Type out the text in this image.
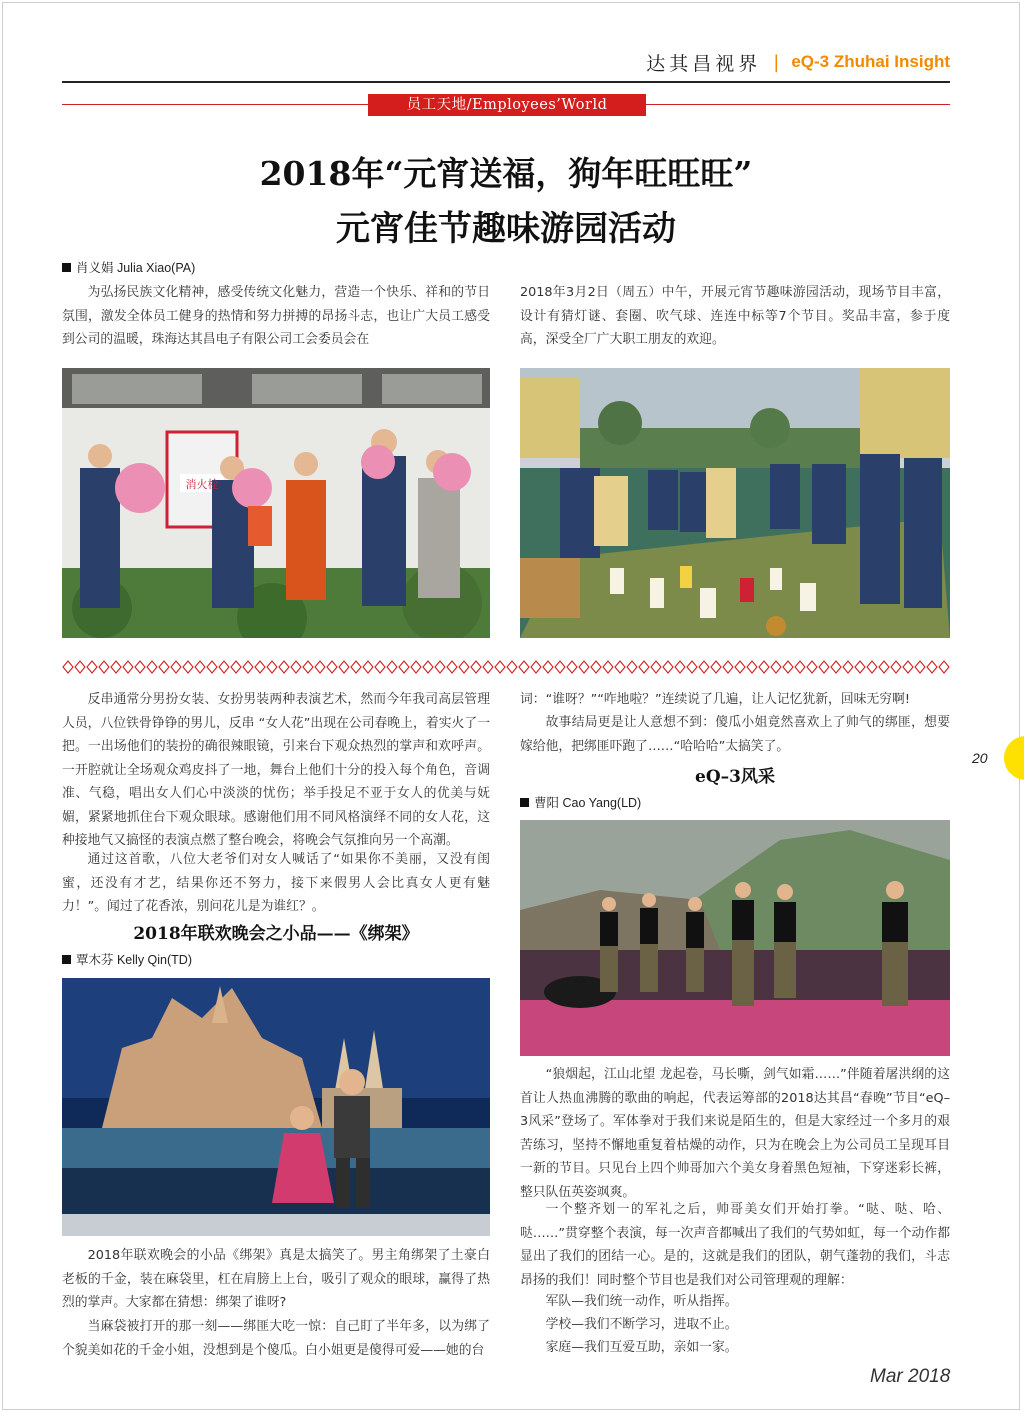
达其昌视界 | eQ-3 Zhuhai Insight
员工天地/Employees’World
2018年“元宵送福，狗年旺旺旺”
元宵佳节趣味游园活动
肖义娟 Julia Xiao(PA)

为弘扬民族文化精神，感受传统文化魅力，营造一个快乐、祥和的节日氛围，激发全体员工健身的热情和努力拼搏的昂扬斗志，也让广大员工感受到公司的温暖，珠海达其昌电子有限公司工会委员会在

2018年3月2日（周五）中午，开展元宵节趣味游园活动，现场节目丰富，设计有猜灯谜、套圈、吹气球、连连中标等7个节目。奖品丰富，参于度高，深受全厂广大职工朋友的欢迎。

消火栓

反串通常分男扮女装、女扮男装两种表演艺术，然而今年我司高层管理人员，八位铁骨铮铮的男儿，反串 “女人花”出现在公司春晚上，着实火了一把。一出场他们的装扮的确很辣眼镜，引来台下观众热烈的掌声和欢呼声。一开腔就让全场观众鸡皮抖了一地，舞台上他们十分的投入每个角色，音调准、气稳，唱出女人们心中淡淡的忧伤；举手投足不亚于女人的优美与妩媚，紧紧地抓住台下观众眼球。感谢他们用不同风格演绎不同的女人花，这种接地气又搞怪的表演点燃了整台晚会，将晚会气氛推向另一个高潮。

通过这首歌，八位大老爷们对女人喊话了“如果你不美丽，又没有闺蜜，还没有才艺，结果你还不努力，接下来假男人会比真女人更有魅力！”。闻过了花香浓，别问花儿是为谁红？。

2018年联欢晚会之小品——《绑架》
覃木芬 Kelly Qin(TD)

2018年联欢晚会的小品《绑架》真是太搞笑了。男主角绑架了土豪白老板的千金，装在麻袋里，杠在肩膀上上台，吸引了观众的眼球，赢得了热烈的掌声。大家都在猜想：绑架了谁呀?

当麻袋被打开的那一刻——绑匪大吃一惊：自己盯了半年多，以为绑了个貌美如花的千金小姐，没想到是个傻瓜。白小姐更是傻得可爱——她的台

词：“谁呀？”“咋地啦？”连续说了几遍，让人记忆犹新，回味无穷啊!

故事结局更是让人意想不到：傻瓜小姐竟然喜欢上了帅气的绑匪，想要嫁给他，把绑匪吓跑了……“哈哈哈”太搞笑了。

eQ–3风采
曹阳 Cao Yang(LD)

“狼烟起，江山北望 龙起卷，马长嘶，剑气如霜……”伴随着屠洪纲的这首让人热血沸腾的歌曲的响起，代表运筹部的2018达其昌“春晚”节目“eQ–3风采”登场了。军体拳对于我们来说是陌生的，但是大家经过一个多月的艰苦练习，坚持不懈地重复着枯燥的动作，只为在晚会上为公司员工呈现耳目一新的节目。只见台上四个帅哥加六个美女身着黑色短袖，下穿迷彩长裤，整只队伍英姿飒爽。

一个整齐划一的军礼之后，帅哥美女们开始打拳。“哒、哒、哈、哒……”贯穿整个表演，每一次声音都喊出了我们的气势如虹，每一个动作都显出了我们的团结一心。是的，这就是我们的团队，朝气蓬勃的我们，斗志昂扬的我们！同时整个节目也是我们对公司管理观的理解：

军队—我们统一动作，听从指挥。

学校—我们不断学习，进取不止。

家庭—我们互爱互助，亲如一家。

20
Mar 2018
